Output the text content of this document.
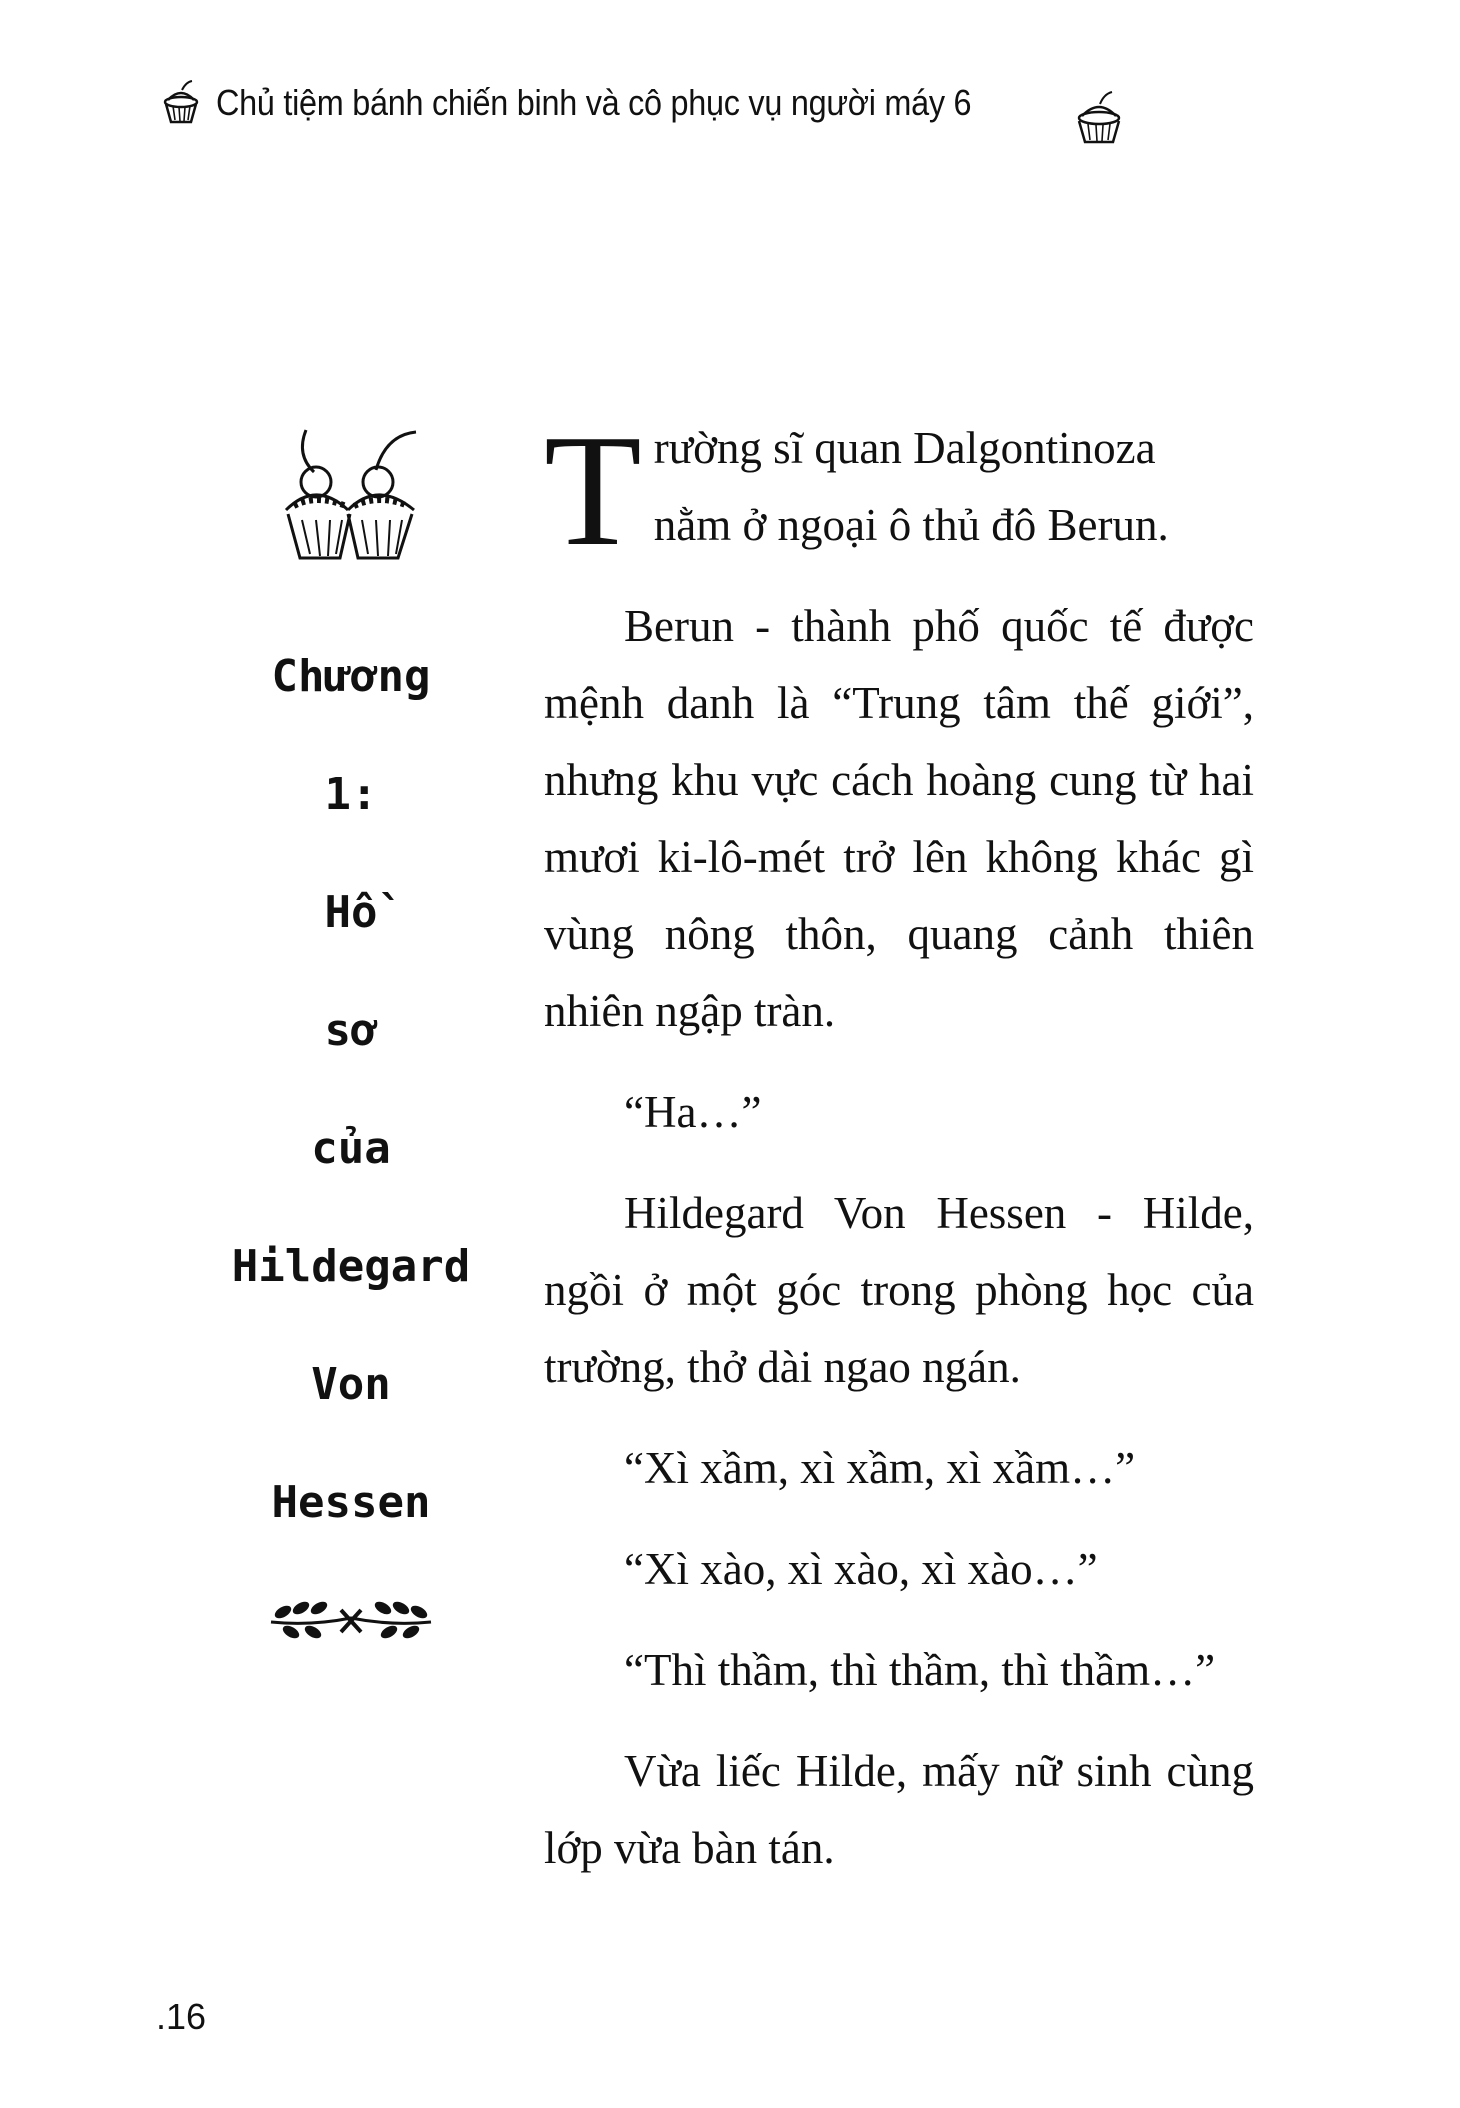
Chủ tiệm bánh chiến binh và cô phục vụ người máy 6
Chương
1:
Hồ
sơ
của
Hildegard
Von
Hessen

T rường sĩ quan Dalgontinoza
nằm ở ngoại ô thủ đô Berun.

Berun - thành phố quốc tế được mệnh danh là “Trung tâm thế giới”, nhưng khu vực cách hoàng cung từ hai mươi ki-lô-mét trở lên không khác gì vùng nông thôn, quang cảnh thiên nhiên ngập tràn.

“Ha…”

Hildegard Von Hessen - Hilde, ngồi ở một góc trong phòng học của trường, thở dài ngao ngán.

“Xì xầm, xì xầm, xì xầm…”

“Xì xào, xì xào, xì xào…”

“Thì thầm, thì thầm, thì thầm…”

Vừa liếc Hilde, mấy nữ sinh cùng lớp vừa bàn tán.

.16
